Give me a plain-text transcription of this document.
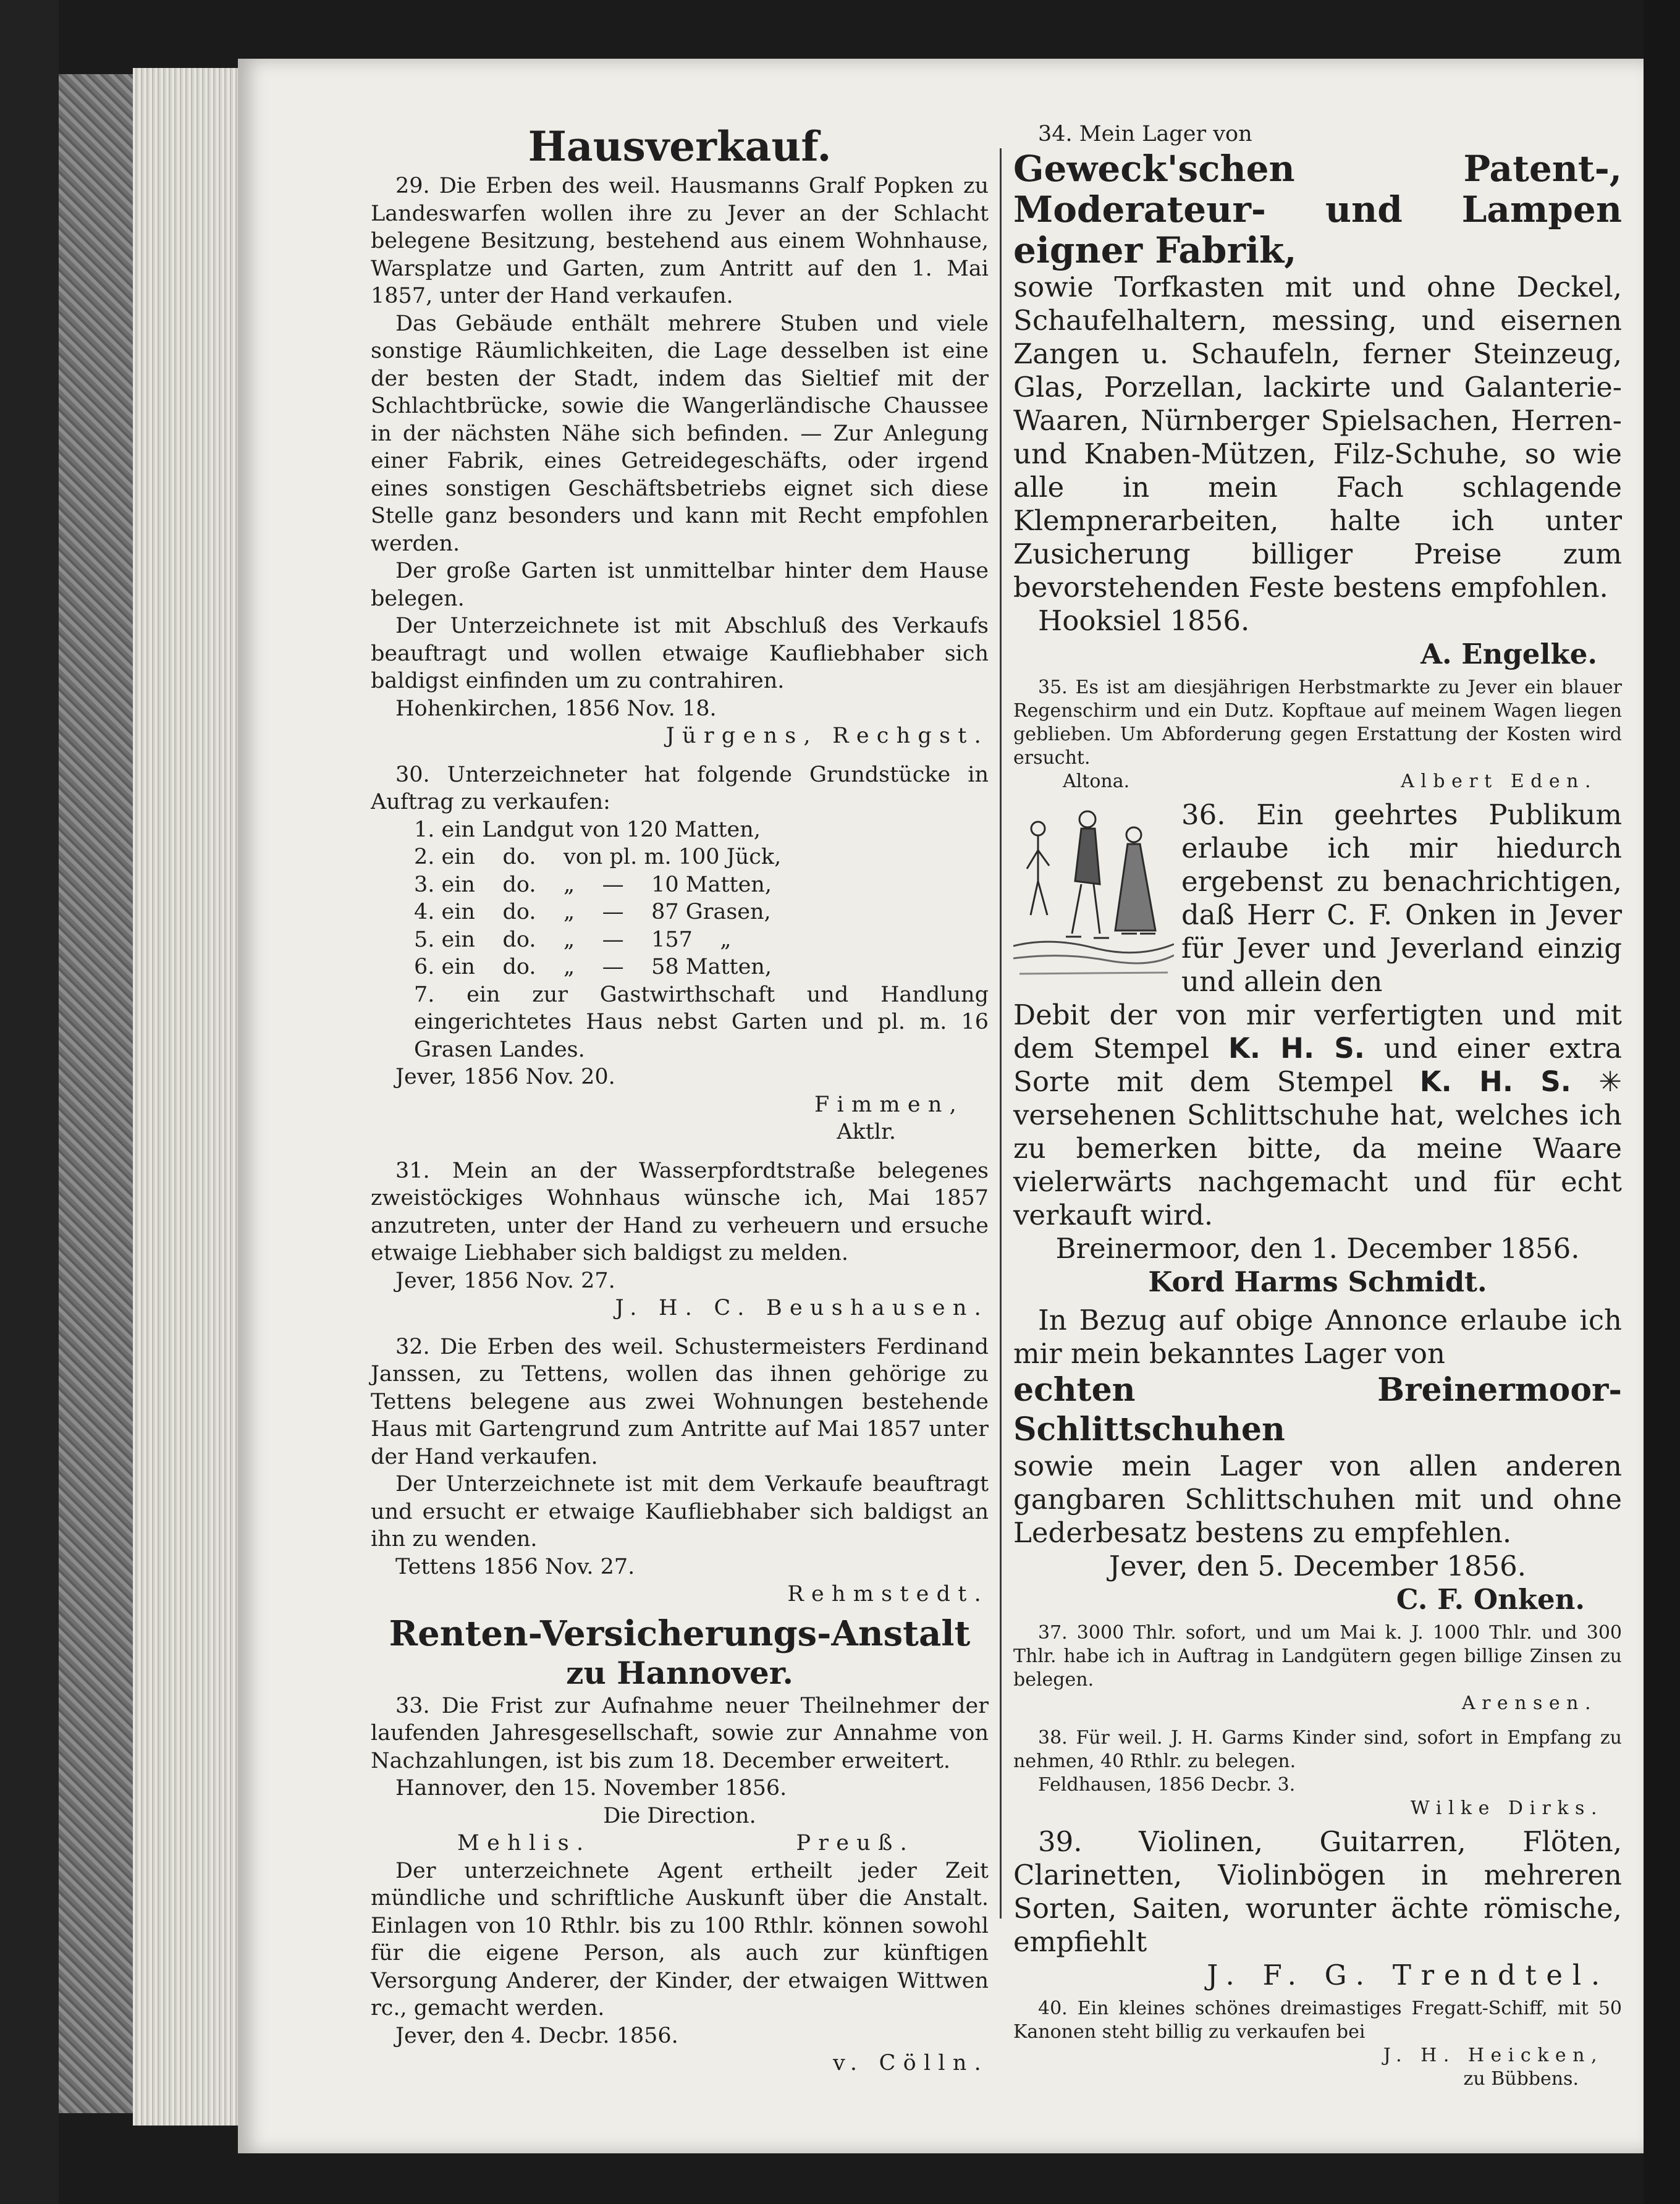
Hausverkauf.

29. Die Erben des weil. Hausmanns Gralf Popken zu Landeswarfen wollen ihre zu Jever an der Schlacht belegene Besitzung, bestehend aus einem Wohnhause, Warsplatze und Garten, zum Antritt auf den 1. Mai 1857, unter der Hand verkaufen.

Das Gebäude enthält mehrere Stuben und viele sonstige Räumlichkeiten, die Lage desselben ist eine der besten der Stadt, indem das Sieltief mit der Schlachtbrücke, sowie die Wangerländische Chaussee in der nächsten Nähe sich befinden. — Zur Anlegung einer Fabrik, eines Getreidegeschäfts, oder irgend eines sonstigen Geschäftsbetriebs eignet sich diese Stelle ganz besonders und kann mit Recht empfohlen werden.

Der große Garten ist unmittelbar hinter dem Hause belegen.

Der Unterzeichnete ist mit Abschluß des Verkaufs beauftragt und wollen etwaige Kaufliebhaber sich baldigst einfinden um zu contrahiren.

Hohenkirchen, 1856 Nov. 18.

Jürgens, Rechgst.

30. Unterzeichneter hat folgende Grundstücke in Auftrag zu verkaufen:

1. ein Landgut von 120 Matten,

2. ein    do.    von pl. m. 100 Jück,

3. ein    do.    „    —    10 Matten,

4. ein    do.    „    —    87 Grasen,

5. ein    do.    „    —    157    „

6. ein    do.    „    —    58 Matten,

7. ein zur Gastwirthschaft und Handlung eingerichtetes Haus nebst Garten und pl. m. 16 Grasen Landes.

Jever, 1856 Nov. 20.

Fimmen,

Aktlr.

31. Mein an der Wasserpfordtstraße belegenes zweistöckiges Wohnhaus wünsche ich, Mai 1857 anzutreten, unter der Hand zu verheuern und ersuche etwaige Liebhaber sich baldigst zu melden.

Jever, 1856 Nov. 27.

J. H. C. Beushausen.

32. Die Erben des weil. Schustermeisters Ferdinand Janssen, zu Tettens, wollen das ihnen gehörige zu Tettens belegene aus zwei Wohnungen bestehende Haus mit Gartengrund zum Antritte auf Mai 1857 unter der Hand verkaufen.

Der Unterzeichnete ist mit dem Verkaufe beauftragt und ersucht er etwaige Kaufliebhaber sich baldigst an ihn zu wenden.

Tettens 1856 Nov. 27.

Rehmstedt.

Renten-Versicherungs-Anstalt

zu Hannover.

33. Die Frist zur Aufnahme neuer Theilnehmer der laufenden Jahresgesellschaft, sowie zur Annahme von Nachzahlungen, ist bis zum 18. December erweitert.

Hannover, den 15. November 1856.

Die Direction.

Mehlis.	Preuß.

Der unterzeichnete Agent ertheilt jeder Zeit mündliche und schriftliche Auskunft über die Anstalt. Einlagen von 10 Rthlr. bis zu 100 Rthlr. können sowohl für die eigene Person, als auch zur künftigen Versorgung Anderer, der Kinder, der etwaigen Wittwen rc., gemacht werden.

Jever, den 4. Decbr. 1856.

v. Cölln.

34. Mein Lager von

Geweck'schen Patent-, Moderateur- und Lampen eigner Fabrik,

sowie Torfkasten mit und ohne Deckel, Schaufelhaltern, messing, und eisernen Zangen u. Schaufeln, ferner Steinzeug, Glas, Porzellan, lackirte und Galanterie-Waaren, Nürnberger Spielsachen, Herren- und Knaben-Mützen, Filz-Schuhe, so wie alle in mein Fach schlagende Klempnerarbeiten, halte ich unter Zusicherung billiger Preise zum bevorstehenden Feste bestens empfohlen.

Hooksiel 1856.

A. Engelke.

35. Es ist am diesjährigen Herbstmarkte zu Jever ein blauer Regenschirm und ein Dutz. Kopftaue auf meinem Wagen liegen geblieben. Um Abforderung gegen Erstattung der Kosten wird ersucht.

Altona.	Albert Eden.

36. Ein geehrtes Publikum erlaube ich mir hiedurch ergebenst zu benachrichtigen, daß Herr C. F. Onken in Jever für Jever und Jeverland einzig und allein den

Debit der von mir verfertigten und mit dem Stempel K. H. S. und einer extra Sorte mit dem Stempel K. H. S. ✳ versehenen Schlittschuhe hat, welches ich zu bemerken bitte, da meine Waare vielerwärts nachgemacht und für echt verkauft wird.

Breinermoor, den 1. December 1856.

Kord Harms Schmidt.

In Bezug auf obige Annonce erlaube ich mir mein bekanntes Lager von

echten Breinermoor-Schlittschuhen

sowie mein Lager von allen anderen gangbaren Schlittschuhen mit und ohne Lederbesatz bestens zu empfehlen.

Jever, den 5. December 1856.

C. F. Onken.

37. 3000 Thlr. sofort, und um Mai k. J. 1000 Thlr. und 300 Thlr. habe ich in Auftrag in Landgütern gegen billige Zinsen zu belegen.

Arensen.

38. Für weil. J. H. Garms Kinder sind, sofort in Empfang zu nehmen, 40 Rthlr. zu belegen.

Feldhausen, 1856 Decbr. 3.

Wilke Dirks.

39. Violinen, Guitarren, Flöten, Clarinetten, Violinbögen in mehreren Sorten, Saiten, worunter ächte römische, empfiehlt

J. F. G. Trendtel.

40. Ein kleines schönes dreimastiges Fregatt-Schiff, mit 50 Kanonen steht billig zu verkaufen bei

J. H. Heicken,

zu Bübbens.
